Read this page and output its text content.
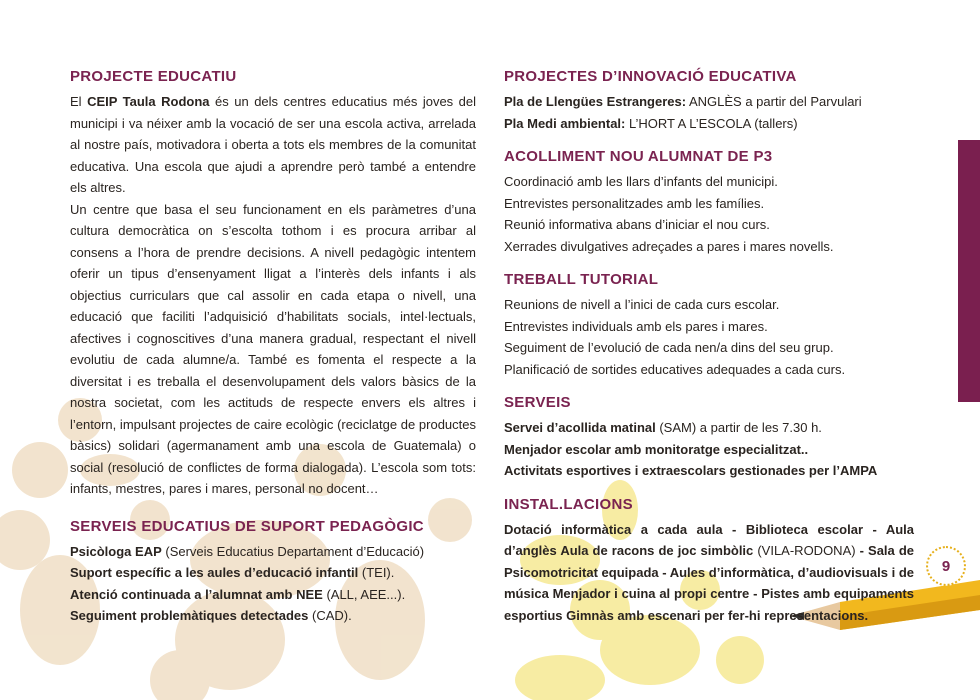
9
PROJECTE EDUCATIU

El CEIP Taula Rodona és un dels centres educatius més joves del municipi i va néixer amb la vocació de ser una escola activa, arrelada al nostre país, motivadora i oberta a tots els membres de la comunitat educativa. Una escola que ajudi a aprendre però també a entendre els altres.

Un centre que basa el seu funcionament en els paràmetres d’una cultura democràtica on s’escolta tothom i es procura arribar al consens a l’hora de prendre decisions. A nivell pedagògic intentem oferir un tipus d’ensenyament lligat a l’interès dels infants i als objectius curriculars que cal assolir en cada etapa o nivell, una educació que faciliti l’adquisició d’habilitats socials, intel·lectuals, afectives i cognoscitives d’una manera gradual, respectant el nivell evolutiu de cada alumne/a. També es fomenta el respecte a la diversitat i es treballa el desenvolupament dels valors bàsics de la nostra societat, com les actituds de respecte envers els altres i l’entorn, impulsant projectes de caire ecològic (reciclatge de productes bàsics) solidari (agermanament amb una escola de Guatemala) o social (resolució de conflictes de forma dialogada). L’escola som tots: infants, mestres, pares i mares, personal no docent…

SERVEIS EDUCATIUS DE SUPORT PEDAGÒGIC

Psicòloga EAP (Serveis Educatius Departament d’Educació)

Suport específic a les aules d’educació infantil (TEI).

Atenció continuada a l’alumnat amb NEE (ALL, AEE...).

Seguiment problemàtiques detectades (CAD).

PROJECTES D’INNOVACIÓ EDUCATIVA

Pla de Llengües Estrangeres: ANGLÈS a partir del Parvulari

Pla Medi ambiental: L’HORT A L’ESCOLA (tallers)

ACOLLIMENT NOU ALUMNAT DE P3

Coordinació amb les llars d’infants del municipi.

Entrevistes personalitzades amb les famílies.

Reunió informativa abans d’iniciar el nou curs.

Xerrades divulgatives adreçades a pares i mares novells.

TREBALL TUTORIAL

Reunions de nivell a l’inici de cada curs escolar.

Entrevistes individuals amb els pares i mares.

Seguiment de l’evolució de cada nen/a dins del seu grup.

Planificació de sortides educatives adequades a cada curs.

SERVEIS

Servei d’acollida matinal (SAM) a partir de les 7.30 h.

Menjador escolar amb monitoratge especialitzat..

Activitats esportives i extraescolars gestionades per l’AMPA

INSTAL.LACIONS

Dotació informàtica a cada aula - Biblioteca escolar - Aula d’anglès Aula de racons de joc simbòlic (VILA-RODONA) - Sala de Psicomotricitat equipada - Aules d’informàtica, d’audiovisuals i de música Menjador i cuina al propi centre - Pistes amb equipaments esportius Gimnàs amb escenari per fer-hi representacions.
